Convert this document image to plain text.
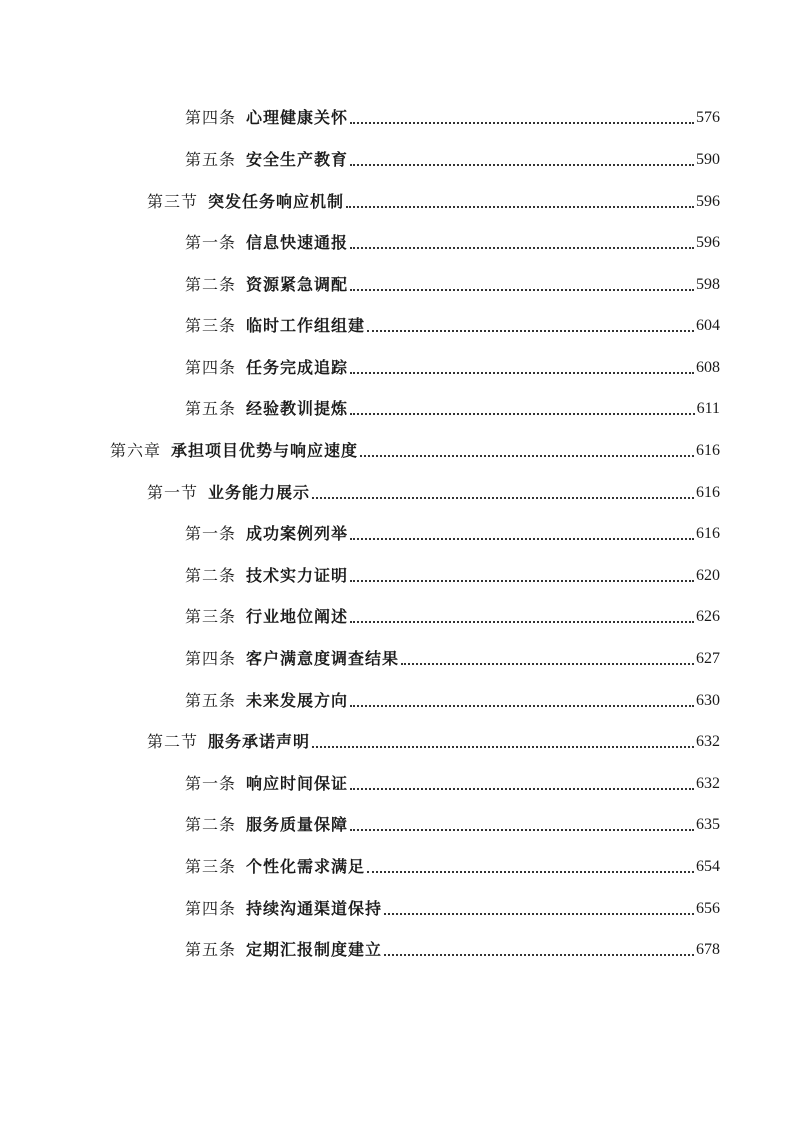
第四条 心理健康关怀	576
第五条 安全生产教育	590
第三节 突发任务响应机制	596
第一条 信息快速通报	596
第二条 资源紧急调配	598
第三条 临时工作组组建	604
第四条 任务完成追踪	608
第五条 经验教训提炼	611
第六章 承担项目优势与响应速度	616
第一节 业务能力展示	616
第一条 成功案例列举	616
第二条 技术实力证明	620
第三条 行业地位阐述	626
第四条 客户满意度调查结果	627
第五条 未来发展方向	630
第二节 服务承诺声明	632
第一条 响应时间保证	632
第二条 服务质量保障	635
第三条 个性化需求满足	654
第四条 持续沟通渠道保持	656
第五条 定期汇报制度建立	678
